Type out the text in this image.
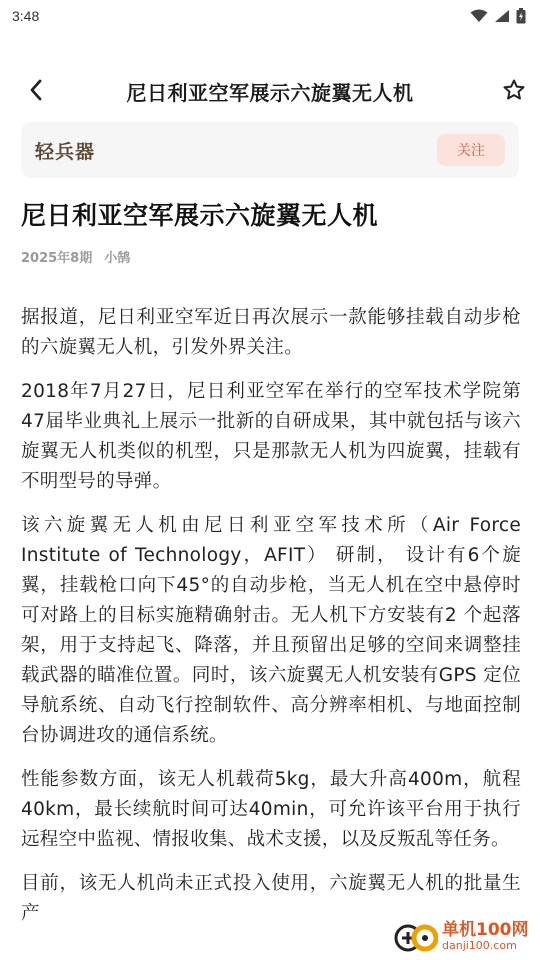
3:48
尼日利亚空军展示六旋翼无人机
轻兵器	关注
尼日利亚空军展示六旋翼无人机
2025年8期 小鹄

据报道，尼日利亚空军近日再次展示一款能够挂载自动步枪的六旋翼无人机，引发外界关注。

2018年7月27日，尼日利亚空军在举行的空军技术学院第47届毕业典礼上展示一批新的自研成果，其中就包括与该六旋翼无人机类似的机型，只是那款无人机为四旋翼，挂载有不明型号的导弹。

该六旋翼无人机由尼日利亚空军技术所（Air Force Institute of Technology，AFIT） 研制， 设计有6个旋翼，挂载枪口向下45°的自动步枪，当无人机在空中悬停时可对路上的目标实施精确射击。无人机下方安装有2 个起落架，用于支持起飞、降落，并且预留出足够的空间来调整挂载武器的瞄准位置。同时，该六旋翼无人机安装有GPS 定位导航系统、自动飞行控制软件、高分辨率相机、与地面控制台协调进攻的通信系统。

性能参数方面，该无人机载荷5kg，最大升高400m，航程40km，最长续航时间可达40min，可允许该平台用于执行远程空中监视、情报收集、战术支援，以及反叛乱等任务。

目前，该无人机尚未正式投入使用，六旋翼无人机的批量生产

单机100网
danji100.com
